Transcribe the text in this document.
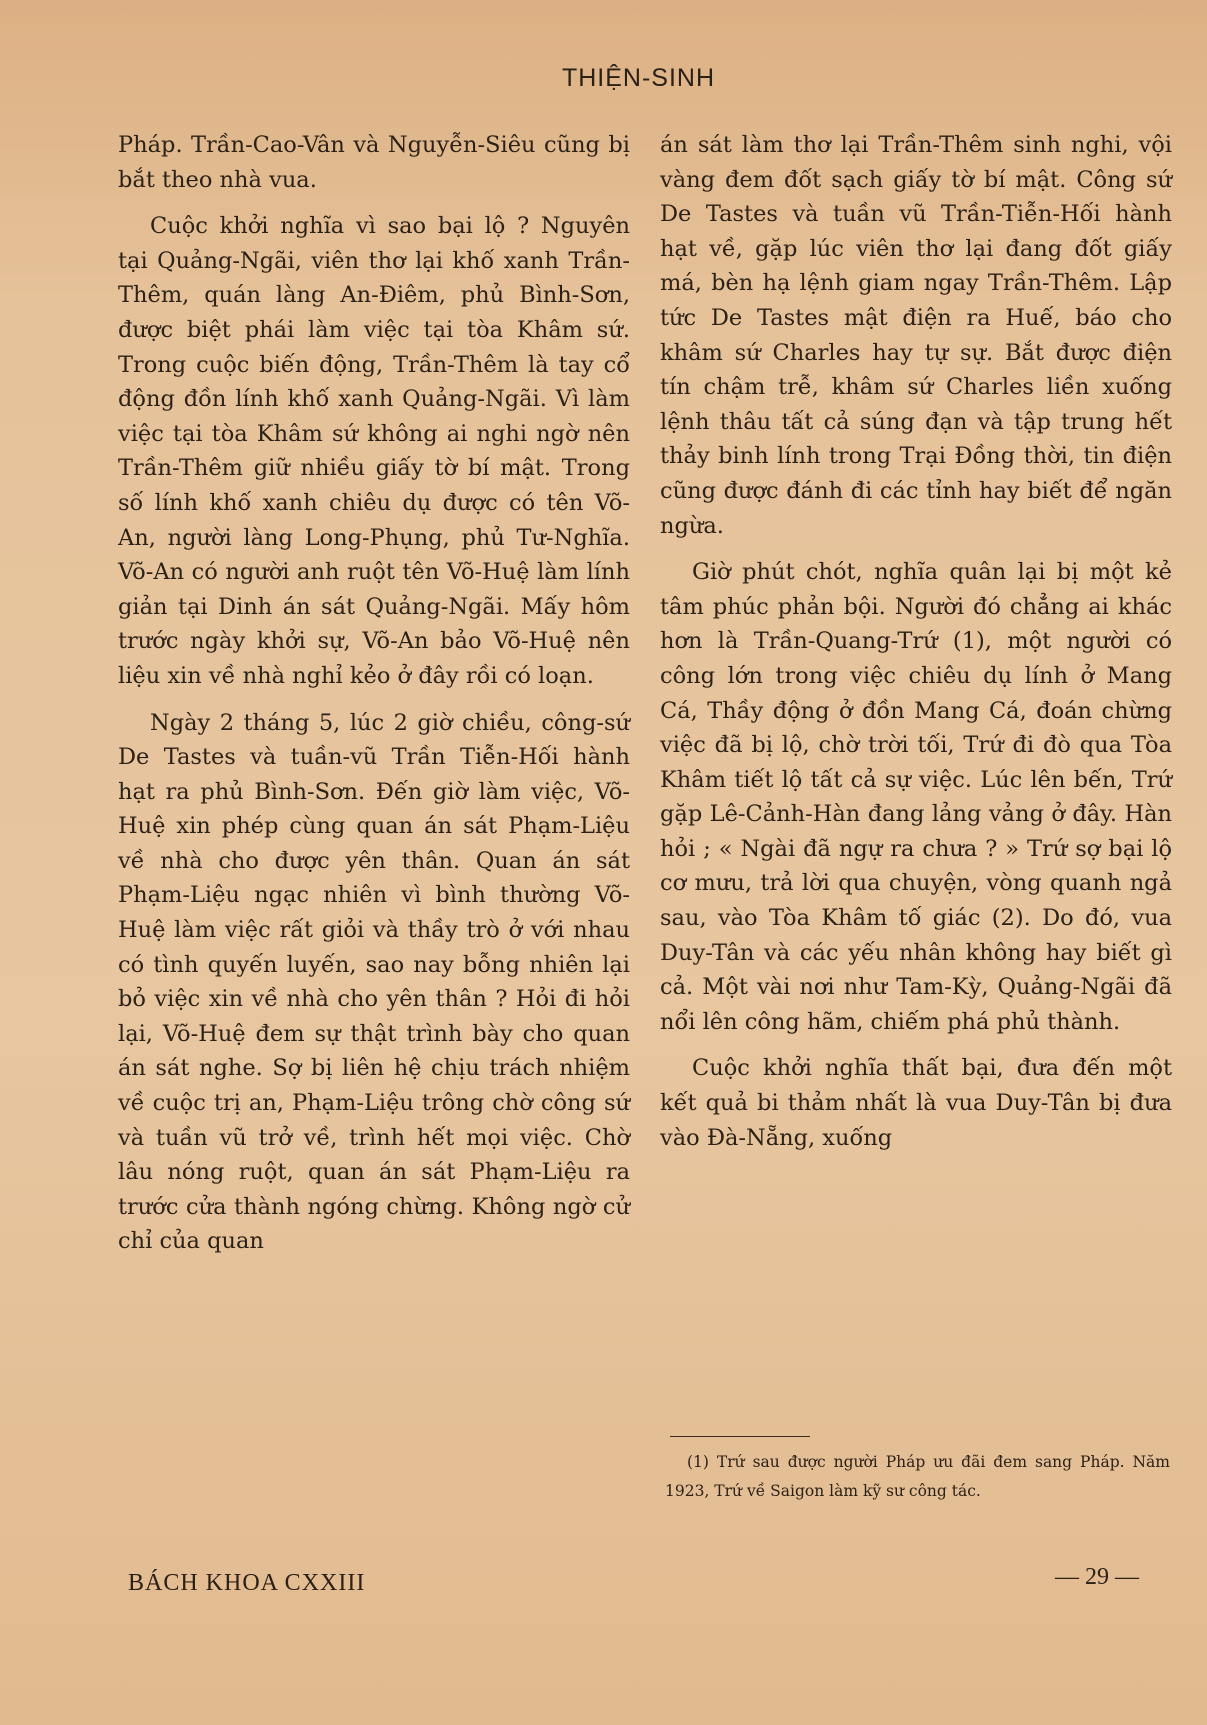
THIỆN-SINH

Pháp. Trần-Cao-Vân và Nguyễn-Siêu cũng bị bắt theo nhà vua.

Cuộc khởi nghĩa vì sao bại lộ ? Nguyên tại Quảng-Ngãi, viên thơ lại khố xanh Trần-Thêm, quán làng An-Điêm, phủ Bình-Sơn, được biệt phái làm việc tại tòa Khâm sứ. Trong cuộc biến động, Trần-Thêm là tay cổ động đồn lính khố xanh Quảng-Ngãi. Vì làm việc tại tòa Khâm sứ không ai nghi ngờ nên Trần-Thêm giữ nhiều giấy tờ bí mật. Trong số lính khố xanh chiêu dụ được có tên Võ-An, người làng Long-Phụng, phủ Tư-Nghĩa. Võ-An có người anh ruột tên Võ-Huệ làm lính giản tại Dinh án sát Quảng-Ngãi. Mấy hôm trước ngày khởi sự, Võ-An bảo Võ-Huệ nên liệu xin về nhà nghỉ kẻo ở đây rồi có loạn.

Ngày 2 tháng 5, lúc 2 giờ chiều, công-sứ De Tastes và tuần-vũ Trần Tiễn-Hối hành hạt ra phủ Bình-Sơn. Đến giờ làm việc, Võ-Huệ xin phép cùng quan án sát Phạm-Liệu về nhà cho được yên thân. Quan án sát Phạm-Liệu ngạc nhiên vì bình thường Võ-Huệ làm việc rất giỏi và thầy trò ở với nhau có tình quyến luyến, sao nay bỗng nhiên lại bỏ việc xin về nhà cho yên thân ? Hỏi đi hỏi lại, Võ-Huệ đem sự thật trình bày cho quan án sát nghe. Sợ bị liên hệ chịu trách nhiệm về cuộc trị an, Phạm-Liệu trông chờ công sứ và tuần vũ trở về, trình hết mọi việc. Chờ lâu nóng ruột, quan án sát Phạm-Liệu ra trước cửa thành ngóng chừng. Không ngờ cử chỉ của quan

án sát làm thơ lại Trần-Thêm sinh nghi, vội vàng đem đốt sạch giấy tờ bí mật. Công sứ De Tastes và tuần vũ Trần-Tiễn-Hối hành hạt về, gặp lúc viên thơ lại đang đốt giấy má, bèn hạ lệnh giam ngay Trần-Thêm. Lập tức De Tastes mật điện ra Huế, báo cho khâm sứ Charles hay tự sự. Bắt được điện tín chậm trễ, khâm sứ Charles liền xuống lệnh thâu tất cả súng đạn và tập trung hết thảy binh lính trong Trại Đồng thời, tin điện cũng được đánh đi các tỉnh hay biết để ngăn ngừa.

Giờ phút chót, nghĩa quân lại bị một kẻ tâm phúc phản bội. Người đó chẳng ai khác hơn là Trần-Quang-Trứ (1), một người có công lớn trong việc chiêu dụ lính ở Mang Cá, Thầy động ở đồn Mang Cá, đoán chừng việc đã bị lộ, chờ trời tối, Trứ đi đò qua Tòa Khâm tiết lộ tất cả sự việc. Lúc lên bến, Trứ gặp Lê-Cảnh-Hàn đang lảng vảng ở đây. Hàn hỏi ; « Ngài đã ngự ra chưa ? » Trứ sợ bại lộ cơ mưu, trả lời qua chuyện, vòng quanh ngả sau, vào Tòa Khâm tố giác (2). Do đó, vua Duy-Tân và các yếu nhân không hay biết gì cả. Một vài nơi như Tam-Kỳ, Quảng-Ngãi đã nổi lên công hãm, chiếm phá phủ thành.

Cuộc khởi nghĩa thất bại, đưa đến một kết quả bi thảm nhất là vua Duy-Tân bị đưa vào Đà-Nẵng, xuống

(1) Trứ sau được người Pháp ưu đãi đem sang Pháp. Năm 1923, Trứ về Saigon làm kỹ sư công tác.

BÁCH KHOA CXXIII	— 29 —
